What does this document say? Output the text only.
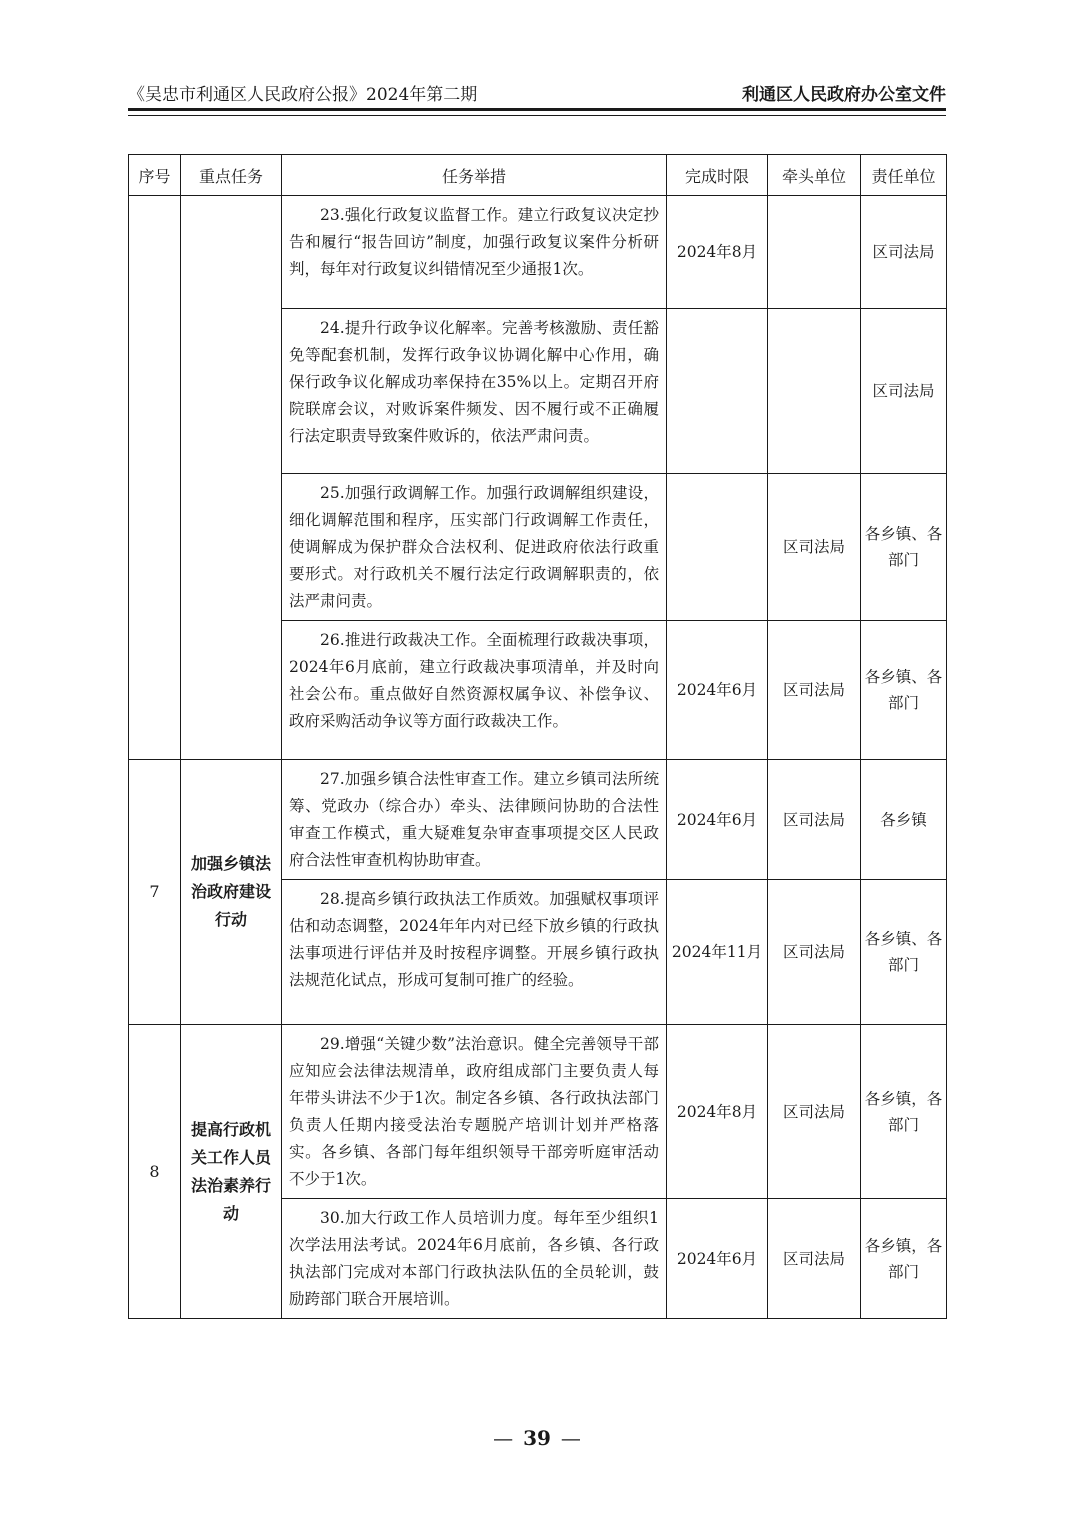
《吴忠市利通区人民政府公报》2024年第二期	利通区人民政府办公室文件
序号	重点任务	任务举措	完成时限	牵头单位	责任单位

		23.强化行政复议监督工作。建立行政复议决定抄告和履行“报告回访”制度，加强行政复议案件分析研判，每年对行政复议纠错情况至少通报1次。	2024年8月		区司法局

		24.提升行政争议化解率。完善考核激励、责任豁免等配套机制，发挥行政争议协调化解中心作用，确保行政争议化解成功率保持在35%以上。定期召开府院联席会议，对败诉案件频发、因不履行或不正确履行法定职责导致案件败诉的，依法严肃问责。			区司法局

		25.加强行政调解工作。加强行政调解组织建设，细化调解范围和程序，压实部门行政调解工作责任，使调解成为保护群众合法权利、促进政府依法行政重要形式。对行政机关不履行法定行政调解职责的，依法严肃问责。		区司法局	各乡镇、各部门

		26.推进行政裁决工作。全面梳理行政裁决事项，2024年6月底前，建立行政裁决事项清单，并及时向社会公布。重点做好自然资源权属争议、补偿争议、政府采购活动争议等方面行政裁决工作。	2024年6月	区司法局	各乡镇、各部门
7	加强乡镇法治政府建设行动	27.加强乡镇合法性审查工作。建立乡镇司法所统筹、党政办（综合办）牵头、法律顾问协助的合法性审查工作模式，重大疑难复杂审查事项提交区人民政府合法性审查机构协助审查。	2024年6月	区司法局	各乡镇

		28.提高乡镇行政执法工作质效。加强赋权事项评估和动态调整，2024年年内对已经下放乡镇的行政执法事项进行评估并及时按程序调整。开展乡镇行政执法规范化试点，形成可复制可推广的经验。	2024年11月	区司法局	各乡镇、各部门
8	提高行政机关工作人员法治素养行动	29.增强“关键少数”法治意识。健全完善领导干部应知应会法律法规清单，政府组成部门主要负责人每年带头讲法不少于1次。制定各乡镇、各行政执法部门负责人任期内接受法治专题脱产培训计划并严格落实。各乡镇、各部门每年组织领导干部旁听庭审活动不少于1次。	2024年8月	区司法局	各乡镇，各部门

		30.加大行政工作人员培训力度。每年至少组织1次学法用法考试。2024年6月底前，各乡镇、各行政执法部门完成对本部门行政执法队伍的全员轮训，鼓励跨部门联合开展培训。	2024年6月	区司法局	各乡镇，各部门
— 39 —
